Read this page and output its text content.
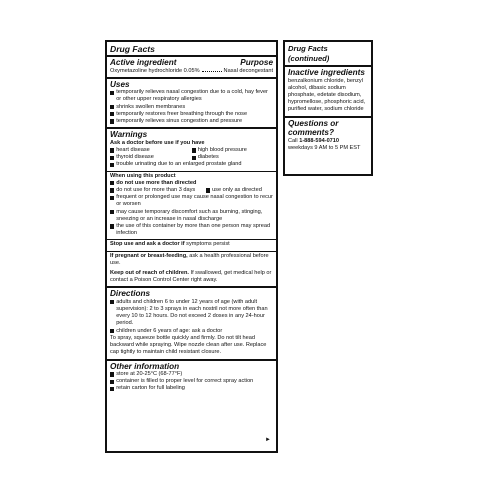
Drug Facts
Active ingredient	Purpose
Oxymetazoline hydrochloride 0.05%	Nasal decongestant
Uses
temporarily relieves nasal congestion due to a cold, hay fever or other upper respiratory allergies
shrinks swollen membranes
temporarily restores freer breathing through the nose
temporarily relieves sinus congestion and pressure
Warnings
Ask a doctor before use if you have
heart disease	high blood pressure
thyroid disease	diabetes
trouble urinating due to an enlarged prostate gland
When using this product
do not use more than directed
do not use for more than 3 days	use only as directed
frequent or prolonged use may cause nasal congestion to recur or worsen
may cause temporary discomfort such as burning, stinging, sneezing or an increase in nasal discharge
the use of this container by more than one person may spread infection

Stop use and ask a doctor if symptoms persist

If pregnant or breast-feeding, ask a health professional before use.

Keep out of reach of children. If swallowed, get medical help or contact a Poison Control Center right away.

Directions
adults and children 6 to under 12 years of age (with adult supervision): 2 to 3 sprays in each nostril not more often than every 10 to 12 hours. Do not exceed 2 doses in any 24-hour period.
children under 6 years of age: ask a doctor

To spray, squeeze bottle quickly and firmly. Do not tilt head backward while spraying. Wipe nozzle clean after use. Replace cap tightly to maintain child resistant closure.

Other information
store at 20-25°C (68-77°F)
container is filled to proper level for correct spray action
retain carton for full labeling
►
Drug Facts (continued)
Inactive ingredients

benzalkonium chloride, benzyl alcohol, dibasic sodium phosphate, edetate disodium, hypromellose, phosphoric acid, purified water, sodium chloride

Questions or comments?

Call 1-888-594-0710

weekdays 9 AM to 5 PM EST
